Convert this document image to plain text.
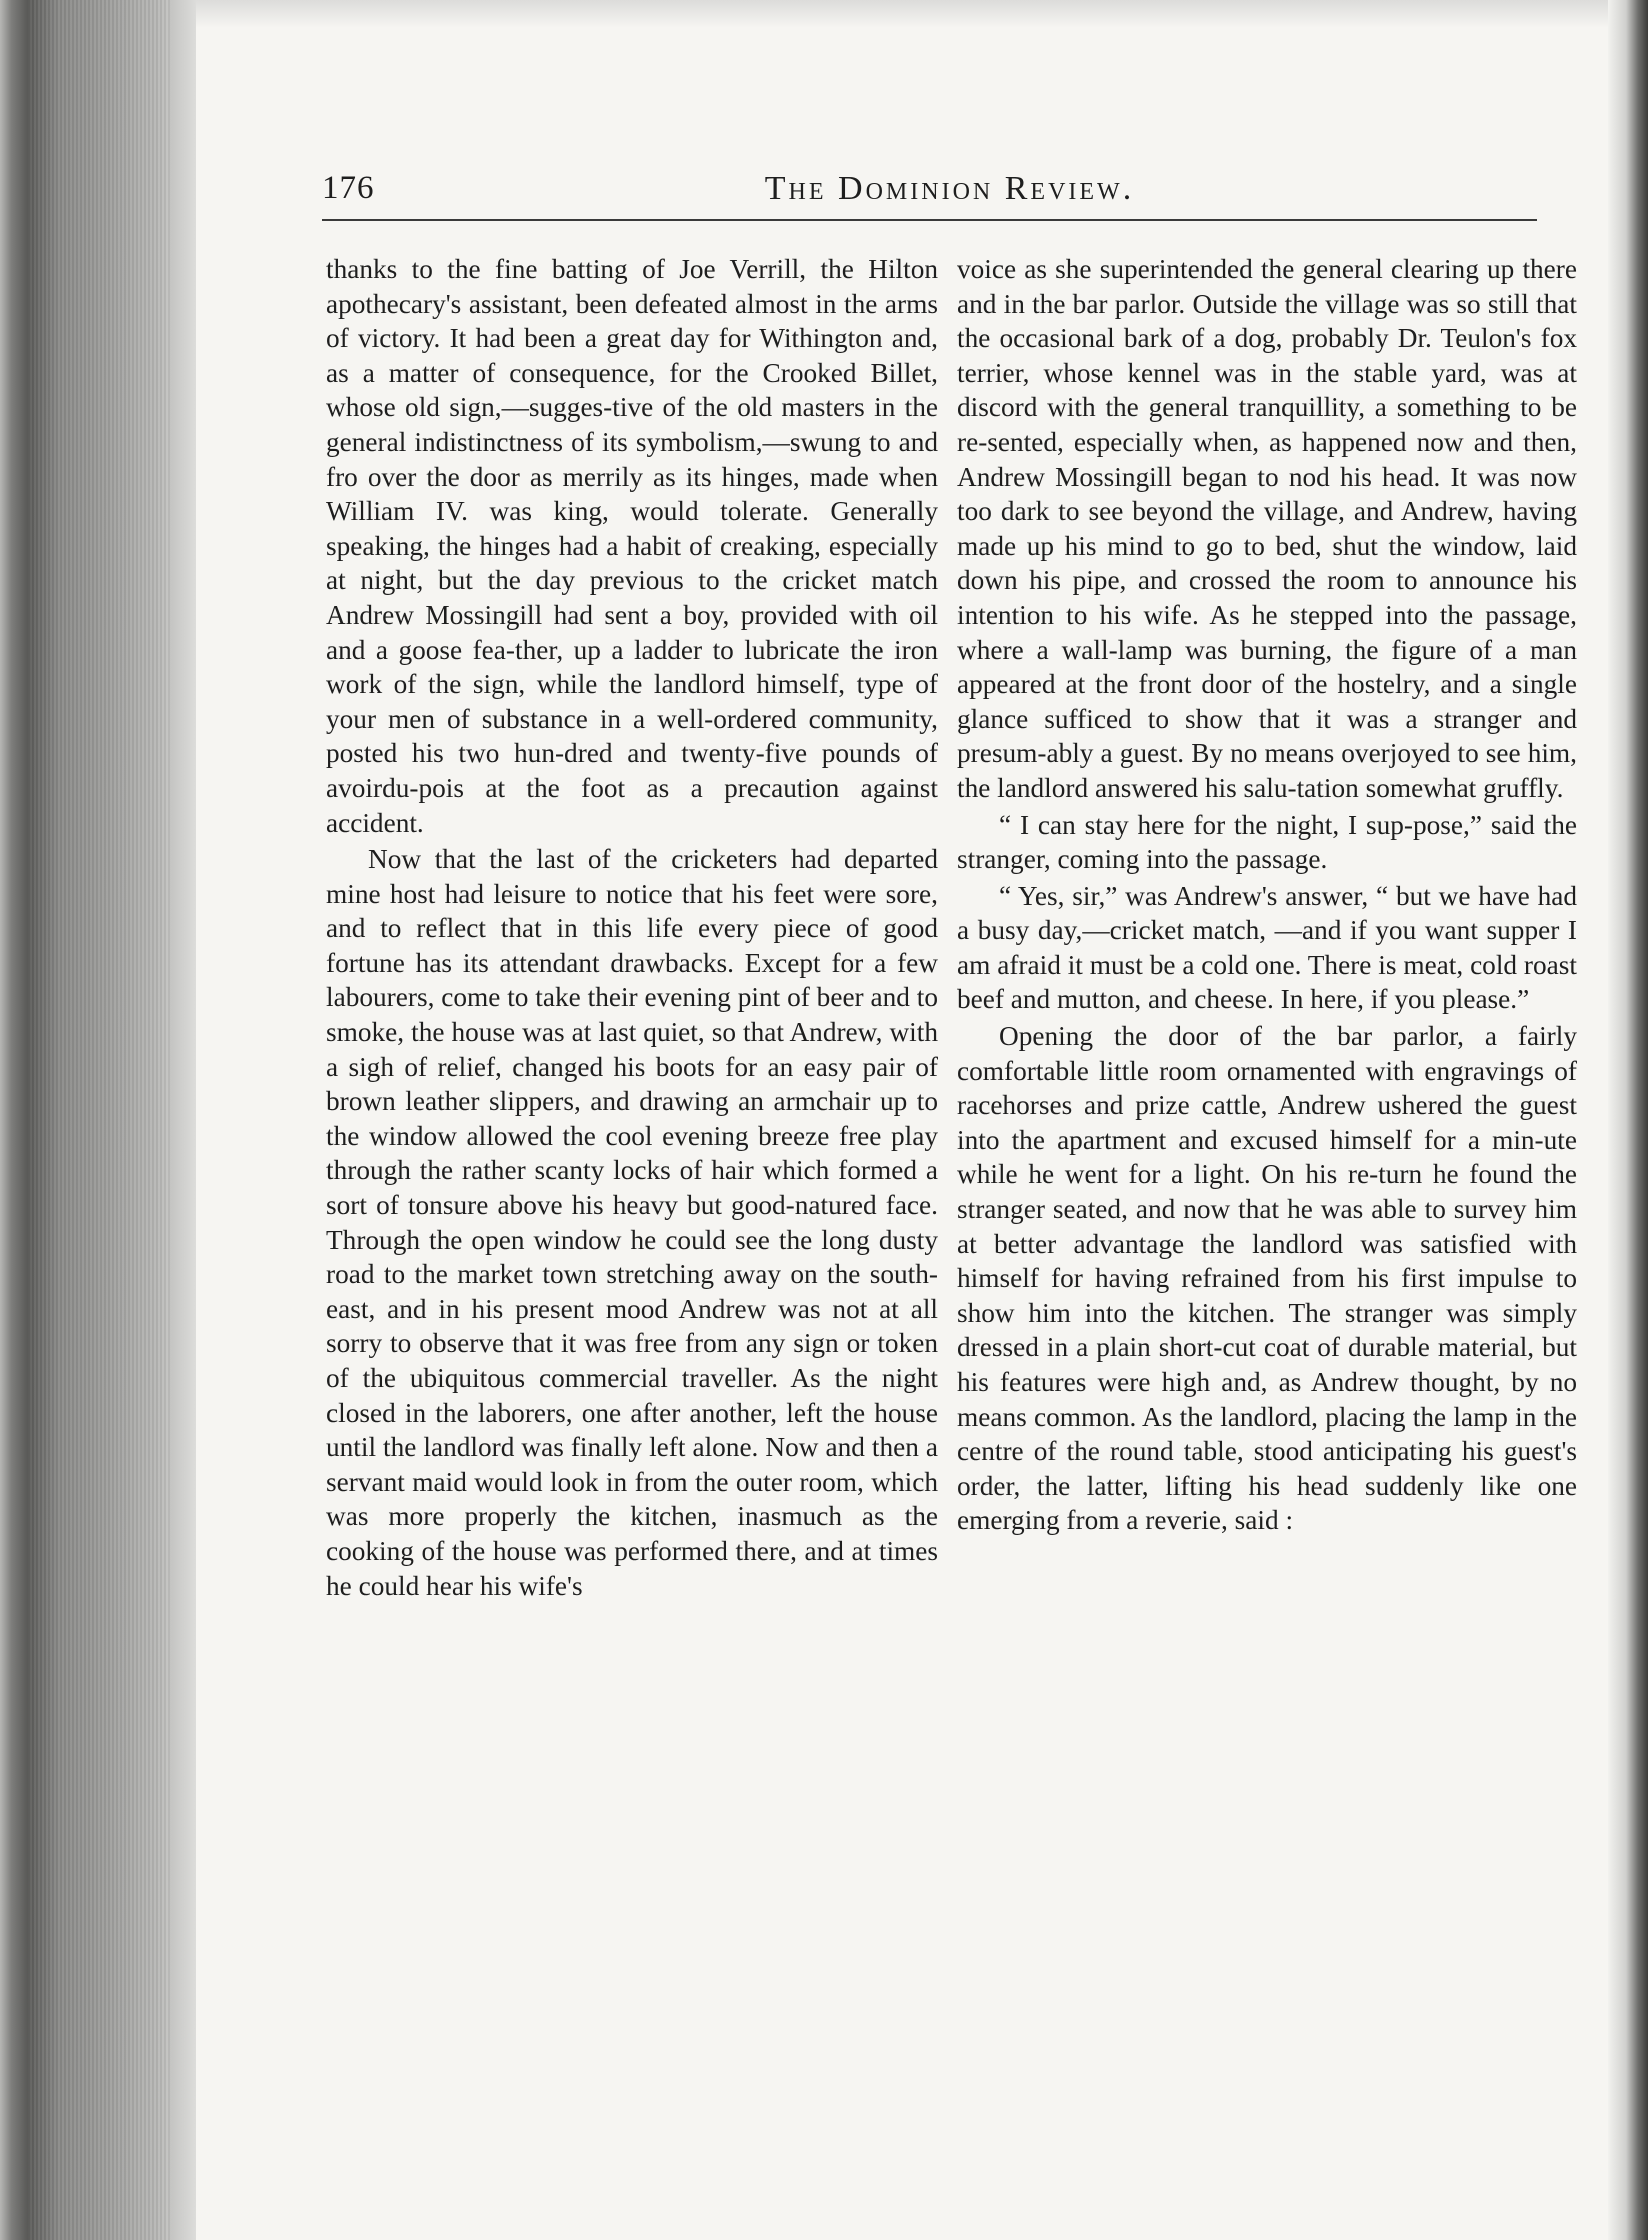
176	The Dominion Review.

thanks to the fine batting of Joe Verrill, the Hilton apothecary's assistant, been defeated almost in the arms of victory. It had been a great day for Withington and, as a matter of consequence, for the Crooked Billet, whose old sign,—sugges-tive of the old masters in the general indistinctness of its symbolism,—swung to and fro over the door as merrily as its hinges, made when William IV. was king, would tolerate. Generally speaking, the hinges had a habit of creaking, especially at night, but the day previous to the cricket match Andrew Mossingill had sent a boy, provided with oil and a goose fea-ther, up a ladder to lubricate the iron work of the sign, while the landlord himself, type of your men of substance in a well-ordered community, posted his two hun-dred and twenty-five pounds of avoirdu-pois at the foot as a precaution against accident.

Now that the last of the cricketers had departed mine host had leisure to notice that his feet were sore, and to reflect that in this life every piece of good fortune has its attendant drawbacks. Except for a few labourers, come to take their evening pint of beer and to smoke, the house was at last quiet, so that Andrew, with a sigh of relief, changed his boots for an easy pair of brown leather slippers, and drawing an armchair up to the window allowed the cool evening breeze free play through the rather scanty locks of hair which formed a sort of tonsure above his heavy but good-natured face. Through the open window he could see the long dusty road to the market town stretching away on the south-east, and in his present mood Andrew was not at all sorry to observe that it was free from any sign or token of the ubiquitous commercial traveller. As the night closed in the laborers, one after another, left the house until the landlord was finally left alone. Now and then a servant maid would look in from the outer room, which was more properly the kitchen, inasmuch as the cooking of the house was performed there, and at times he could hear his wife's

voice as she superintended the general clearing up there and in the bar parlor. Outside the village was so still that the occasional bark of a dog, probably Dr. Teulon's fox terrier, whose kennel was in the stable yard, was at discord with the general tranquillity, a something to be re-sented, especially when, as happened now and then, Andrew Mossingill began to nod his head. It was now too dark to see beyond the village, and Andrew, having made up his mind to go to bed, shut the window, laid down his pipe, and crossed the room to announce his intention to his wife. As he stepped into the passage, where a wall-lamp was burning, the figure of a man appeared at the front door of the hostelry, and a single glance sufficed to show that it was a stranger and presum-ably a guest. By no means overjoyed to see him, the landlord answered his salu-tation somewhat gruffly.

“ I can stay here for the night, I sup-pose,” said the stranger, coming into the passage.

“ Yes, sir,” was Andrew's answer, “ but we have had a busy day,—cricket match, —and if you want supper I am afraid it must be a cold one. There is meat, cold roast beef and mutton, and cheese. In here, if you please.”

Opening the door of the bar parlor, a fairly comfortable little room ornamented with engravings of racehorses and prize cattle, Andrew ushered the guest into the apartment and excused himself for a min-ute while he went for a light. On his re-turn he found the stranger seated, and now that he was able to survey him at better advantage the landlord was satisfied with himself for having refrained from his first impulse to show him into the kitchen. The stranger was simply dressed in a plain short-cut coat of durable material, but his features were high and, as Andrew thought, by no means common. As the landlord, placing the lamp in the centre of the round table, stood anticipating his guest's order, the latter, lifting his head suddenly like one emerging from a reverie, said :
